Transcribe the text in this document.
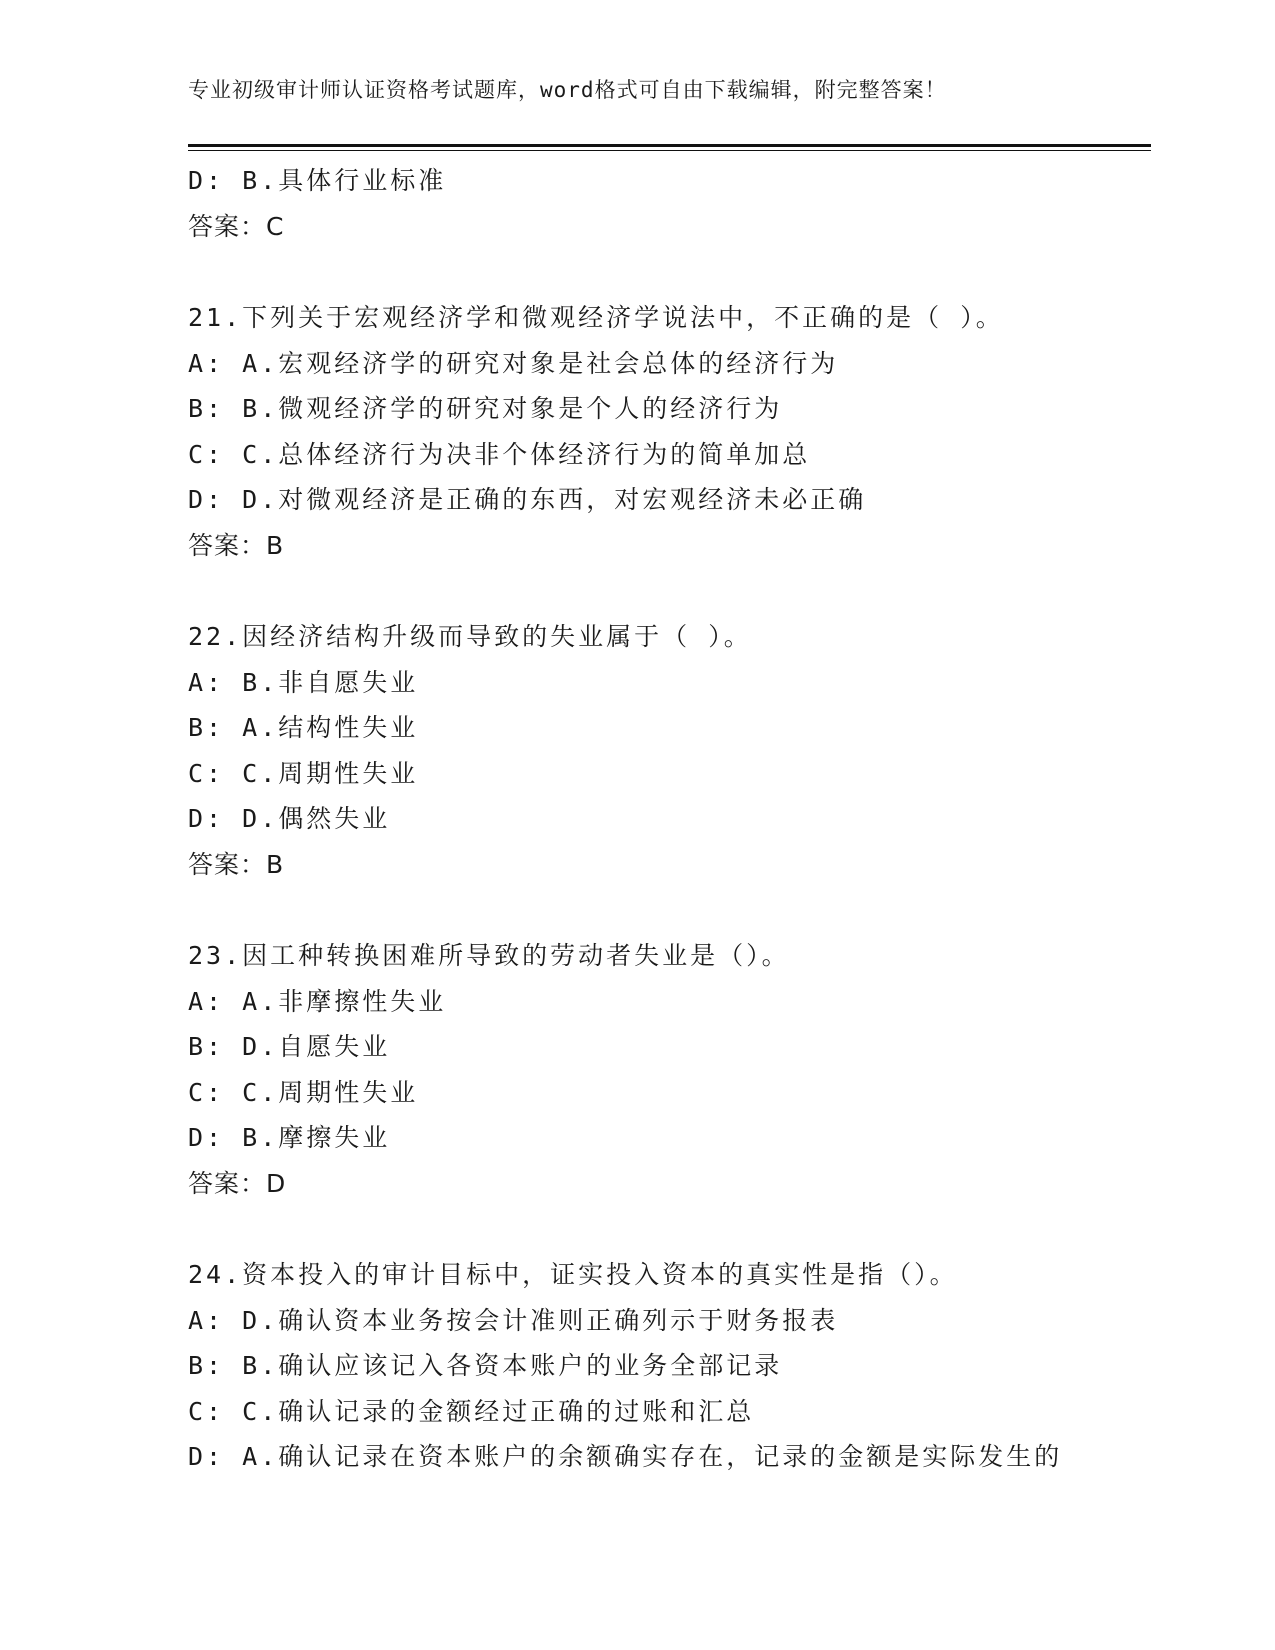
专业初级审计师认证资格考试题库，word格式可自由下载编辑，附完整答案！
D: B.具体行业标准
答案：C
21.下列关于宏观经济学和微观经济学说法中，不正确的是（ ）。
A: A.宏观经济学的研究对象是社会总体的经济行为
B: B.微观经济学的研究对象是个人的经济行为
C: C.总体经济行为决非个体经济行为的简单加总
D: D.对微观经济是正确的东西，对宏观经济未必正确
答案：B
22.因经济结构升级而导致的失业属于（ ）。
A: B.非自愿失业
B: A.结构性失业
C: C.周期性失业
D: D.偶然失业
答案：B
23.因工种转换困难所导致的劳动者失业是（）。
A: A.非摩擦性失业
B: D.自愿失业
C: C.周期性失业
D: B.摩擦失业
答案：D
24.资本投入的审计目标中，证实投入资本的真实性是指（）。
A: D.确认资本业务按会计准则正确列示于财务报表
B: B.确认应该记入各资本账户的业务全部记录
C: C.确认记录的金额经过正确的过账和汇总
D: A.确认记录在资本账户的余额确实存在，记录的金额是实际发生的
